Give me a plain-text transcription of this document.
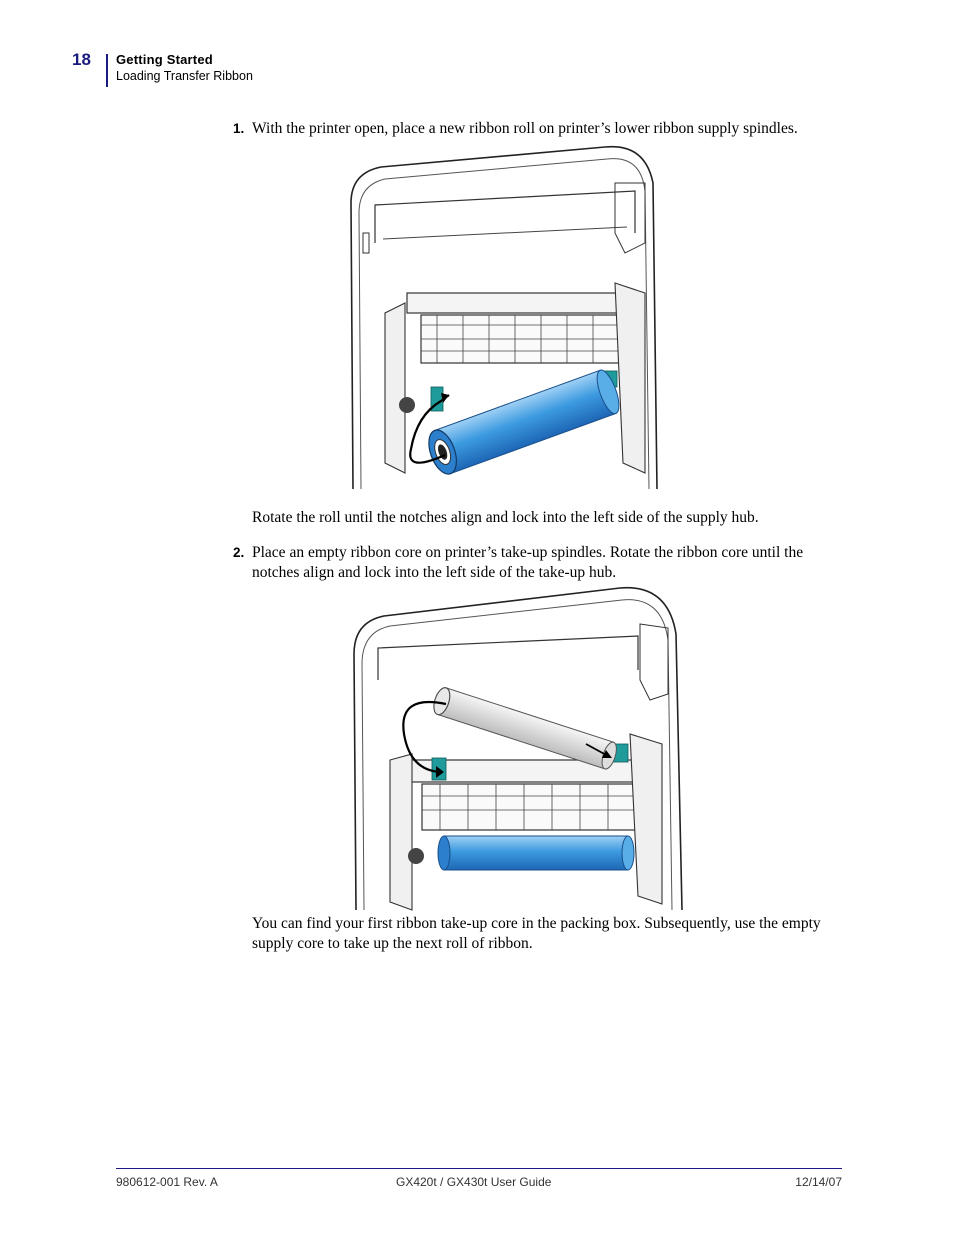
18 Getting Started
Loading Transfer Ribbon
1. With the printer open, place a new ribbon roll on printer’s lower ribbon supply spindles.
Rotate the roll until the notches align and lock into the left side of the supply hub.
2. Place an empty ribbon core on printer’s take-up spindles. Rotate the ribbon core until the notches align and lock into the left side of the take-up hub.
You can find your first ribbon take-up core in the packing box. Subsequently, use the empty supply core to take up the next roll of ribbon.
980612-001 Rev. A	GX420t / GX430t User Guide	12/14/07
